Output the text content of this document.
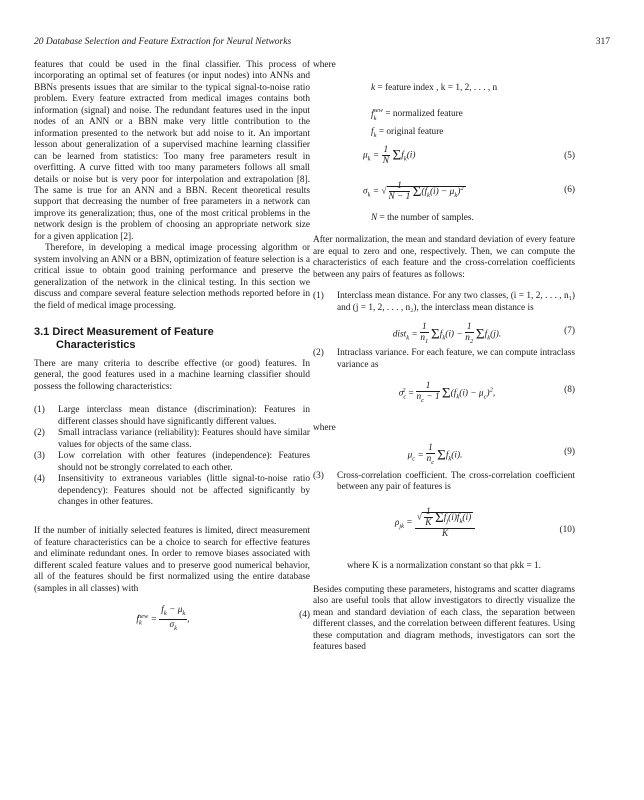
20 Database Selection and Feature Extraction for Neural Networks	317

features that could be used in the final classifier. This process of incorporating an optimal set of features (or input nodes) into ANNs and BBNs presents issues that are similar to the typical signal-to-noise ratio problem. Every feature extracted from medical images contains both information (signal) and noise. The redundant features used in the input nodes of an ANN or a BBN make very little contribution to the information presented to the network but add noise to it. An important lesson about generalization of a supervised machine learning classifier can be learned from statistics: Too many free parameters result in overfitting. A curve fitted with too many parameters follows all small details or noise but is very poor for interpolation and extrapolation [8]. The same is true for an ANN and a BBN. Recent theoretical results support that decreasing the number of free parameters in a network can improve its generalization; thus, one of the most critical problems in the network design is the problem of choosing an appropriate network size for a given application [2].

Therefore, in developing a medical image processing algorithm or system involving an ANN or a BBN, optimization of feature selection is a critical issue to obtain good training performance and preserve the generalization of the network in the clinical testing. In this section we discuss and compare several feature selection methods reported before in the field of medical image processing.

3.1 Direct Measurement of Feature
Characteristics

There are many criteria to describe effective (or good) features. In general, the good features used in a machine learning classifier should possess the following characteristics:

(1) Large interclass mean distance (discrimination): Features in different classes should have significantly different values.
(2) Small intraclass variance (reliability): Features should have similar values for objects of the same class.
(3) Low correlation with other features (independence): Features should not be strongly correlated to each other.
(4) Insensitivity to extraneous variables (little signal-to-noise ratio dependency): Features should not be affected significantly by changes in other features.

If the number of initially selected features is limited, direct measurement of feature characteristics can be a choice to search for effective features and eliminate redundant ones. In order to remove biases associated with different scaled feature values and to preserve good numerical behavior, all of the features should be first normalized using the entire database (samples in all classes) with

$f_k^{new} = \frac{f_k - \mu_k}{\sigma_k}$ ,	(4)

where

k = feature index , k = 1, 2, . . . , n
$f_k^{new}$ = normalized feature
$f_k$ = original feature
$\mu_k = \frac{1}{N} \Sigma f_k(i)$	(5)
$\sigma_k$ = √ $\frac{1}{N - 1} \Sigma(f_k(i) - \mu_k)^2$	(6)
N = the number of samples.

After normalization, the mean and standard deviation of every feature are equal to zero and one, respectively. Then, we can compute the characteristics of each feature and the cross-correlation coefficients between any pairs of features as follows:

(1) Interclass mean distance. For any two classes, (i = 1, 2, . . . , n₁) and (j = 1, 2, . . . , n₂), the interclass mean distance is
dist$_k$ = $\frac{1}{n_1} \Sigma f_k(i) - \frac{1}{n_2} \Sigma f_k(j)$.	(7)
(2) Intraclass variance. For each feature, we can compute intraclass variance as
$\sigma_c^2 = \frac{1}{n_c - 1} \Sigma(f_k(i) - \mu_c)^2$,	(8)

where

$\mu_c = \frac{1}{n_c} \Sigma f_k(i)$.	(9)
(3) Cross-correlation coefficient. The cross-correlation coefficient between any pair of features is
$\rho_{jk} = \frac{√ \frac{1}{K} \Sigma f_j(i)f_k(i)}{K}$	(10)

where K is a normalization constant so that ρkk = 1.

Besides computing these parameters, histograms and scatter diagrams also are useful tools that allow investigators to directly visualize the mean and standard deviation of each class, the separation between different classes, and the correlation between different features. Using these computation and diagram methods, investigators can sort the features based
